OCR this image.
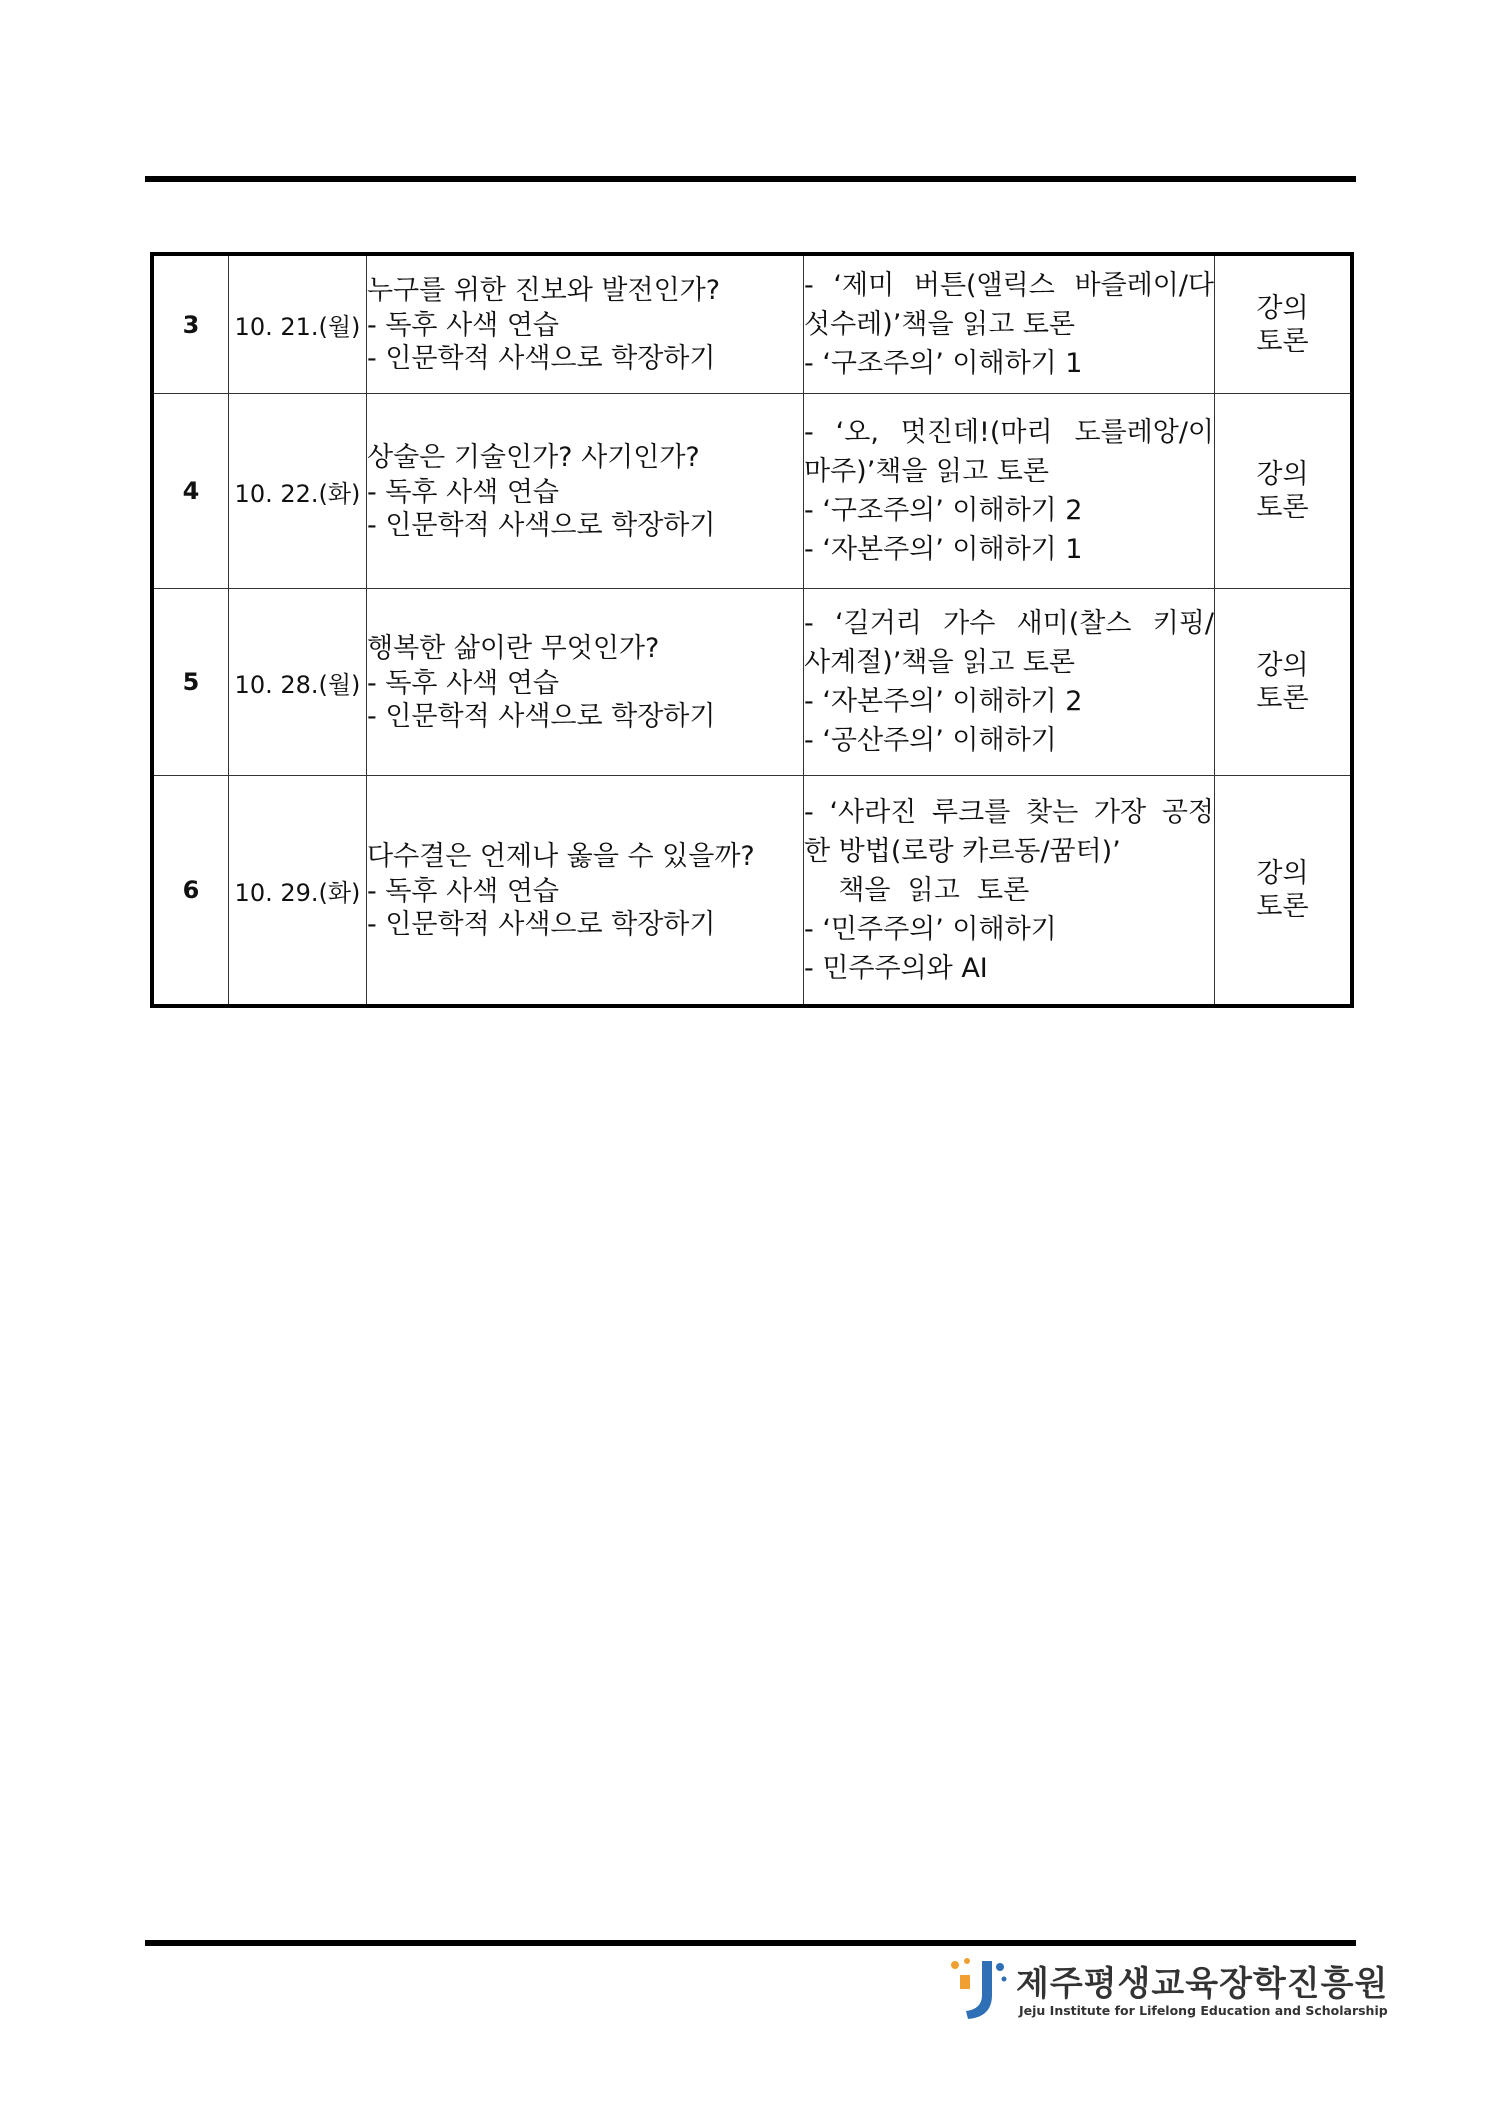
3	10. 21.(월)	누구를 위한 진보와 발전인가?
- 독후 사색 연습
- 인문학적 사색으로 학장하기	- ‘제미 버튼(앨릭스 바즐레이/다
섯수레)’책을 읽고 토론
- ‘구조주의’ 이해하기 1	강의
토론

4	10. 22.(화)	상술은 기술인가? 사기인가?
- 독후 사색 연습
- 인문학적 사색으로 학장하기	- ‘오, 멋진데!(마리 도를레앙/이
마주)’책을 읽고 토론
- ‘구조주의’ 이해하기 2
- ‘자본주의’ 이해하기 1	강의
토론

5	10. 28.(월)	행복한 삶이란 무엇인가?
- 독후 사색 연습
- 인문학적 사색으로 학장하기	- ‘길거리 가수 새미(찰스 키핑/
사계절)’책을 읽고 토론
- ‘자본주의’ 이해하기 2
- ‘공산주의’ 이해하기	강의
토론

6	10. 29.(화)	다수결은 언제나 옳을 수 있을까?
- 독후 사색 연습
- 인문학적 사색으로 학장하기	- ‘사라진 루크를 찾는 가장 공정
한 방법(로랑 카르동/꿈터)’
책을  읽고  토론
- ‘민주주의’ 이해하기
- 민주주의와 AI	강의
토론
제주평생교육장학진흥원
Jeju Institute for Lifelong Education and Scholarship
